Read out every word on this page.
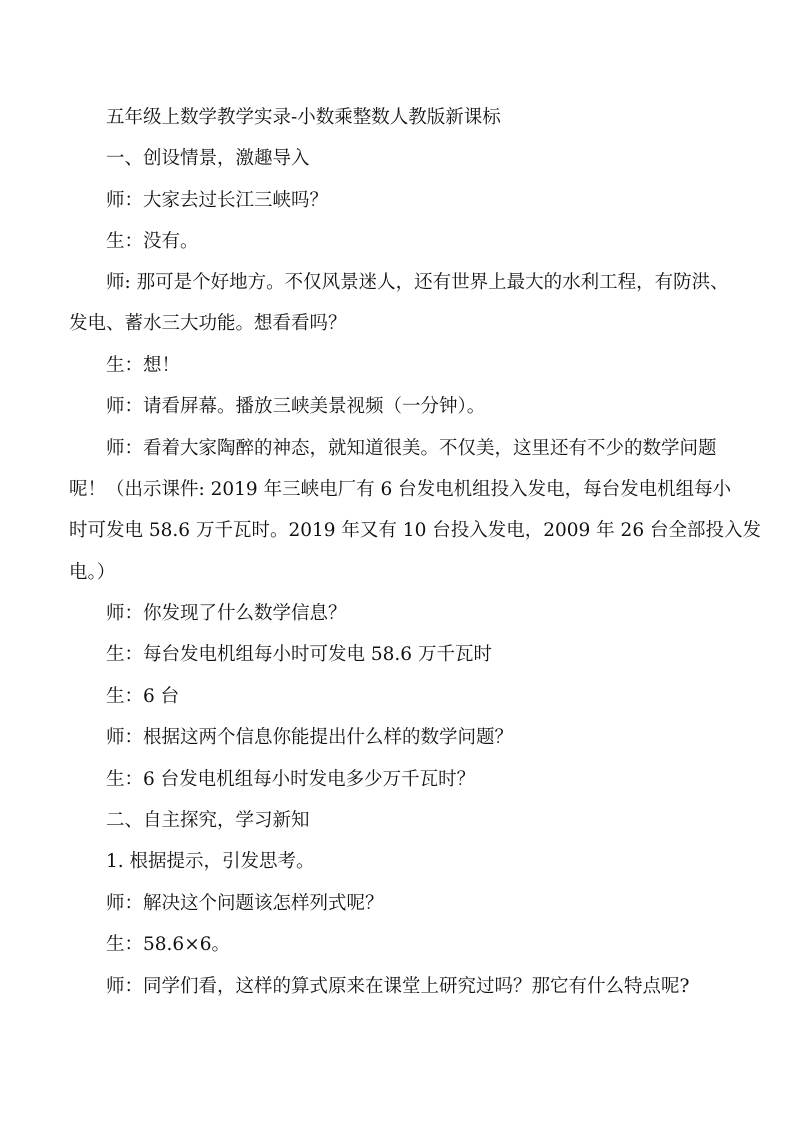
五年级上数学教学实录-小数乘整数人教版新课标
一、创设情景，激趣导入
师：大家去过长江三峡吗？
生：没有。
师: 那可是个好地方。不仅风景迷人，还有世界上最大的水利工程，有防洪、
发电、蓄水三大功能。想看看吗？
生：想！
师：请看屏幕。播放三峡美景视频（一分钟）。
师：看着大家陶醉的神态，就知道很美。不仅美，这里还有不少的数学问题
呢！（出示课件: 2019 年三峡电厂有 6 台发电机组投入发电，每台发电机组每小
时可发电 58.6 万千瓦时。2019 年又有 10 台投入发电，2009 年 26 台全部投入发
电。）
师：你发现了什么数学信息？
生：每台发电机组每小时可发电 58.6 万千瓦时
生：6 台
师：根据这两个信息你能提出什么样的数学问题？
生：6 台发电机组每小时发电多少万千瓦时？
二、自主探究，学习新知
1. 根据提示，引发思考。
师：解决这个问题该怎样列式呢？
生：58.6×6。
师：同学们看，这样的算式原来在课堂上研究过吗？那它有什么特点呢?
